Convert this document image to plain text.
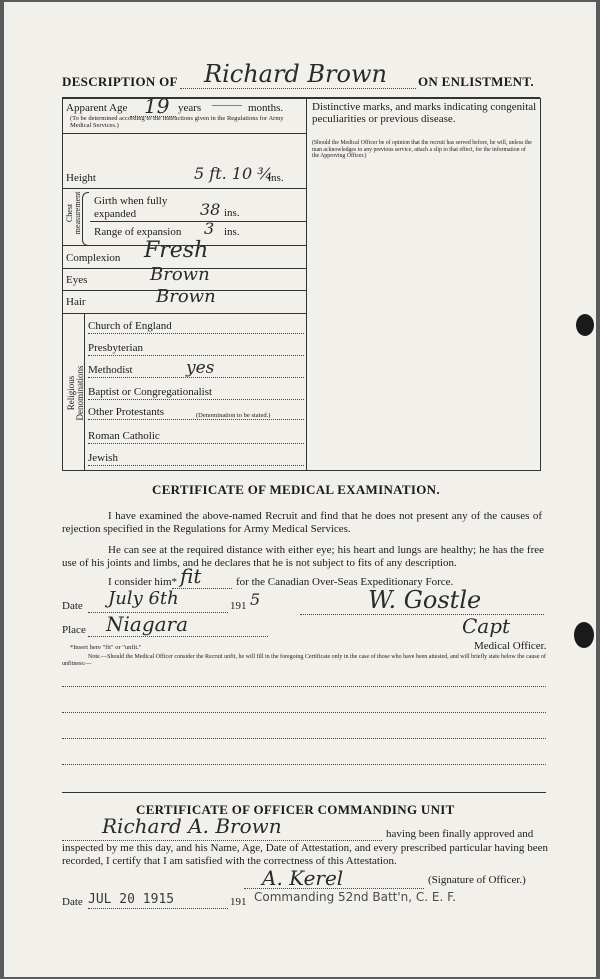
DESCRIPTION OF Richard Brown ON ENLISTMENT.
Apparent Age 19 years ——— months.
(To be determined according to the instructions given in the Regulations for Army Medical Services.)
Distinctive marks, and marks indicating congenital peculiarities or previous disease.
(Should the Medical Officer be of opinion that the recruit has served before, he will, unless the man acknowledges to any previous service, attach a slip to that effect, for the information of the Approving Officer.)
Height	5 ft. 10 ¾
ins.
Chest measurement Girth when fully expanded	38 ins.
Range of expansion 3 ins.
Complexion Fresh
Eyes	Brown
Hair	Brown
Religious Denominations
Church of England
Presbyterian
Methodist	yes
Baptist or Congregationalist
Other Protestants
Roman Catholic
Jewish
(Denomination to be stated.)
CERTIFICATE OF MEDICAL EXAMINATION.
I have examined the above-named Recruit and find that he does not present any of the causes of rejection specified in the Regulations for Army Medical Services.
He can see at the required distance with either eye; his heart and lungs are healthy; he has the free use of his joints and limbs, and he declares that he is not subject to fits of any description.
I consider him* fit	for the Canadian Over-Seas Expeditionary Force.
Date July 6th	191 5	W. Gostle
Place Niagara	Capt
Medical Officer.
*Insert here "fit" or "unfit."
Note.—Should the Medical Officer consider the Recruit unfit, he will fill in the foregoing Certificate only in the case of those who have been attested, and will briefly state below the cause of unfitness:—
CERTIFICATE OF OFFICER COMMANDING UNIT
Richard A. Brown	having been finally approved and
inspected by me this day, and his Name, Age, Date of Attestation, and every prescribed particular having been recorded, I certify that I am satisfied with the correctness of this Attestation.
A. Kerel	(Signature of Officer.)
Date JUL 20 1915	191 Commanding 52nd Batt'n, C. E. F.
